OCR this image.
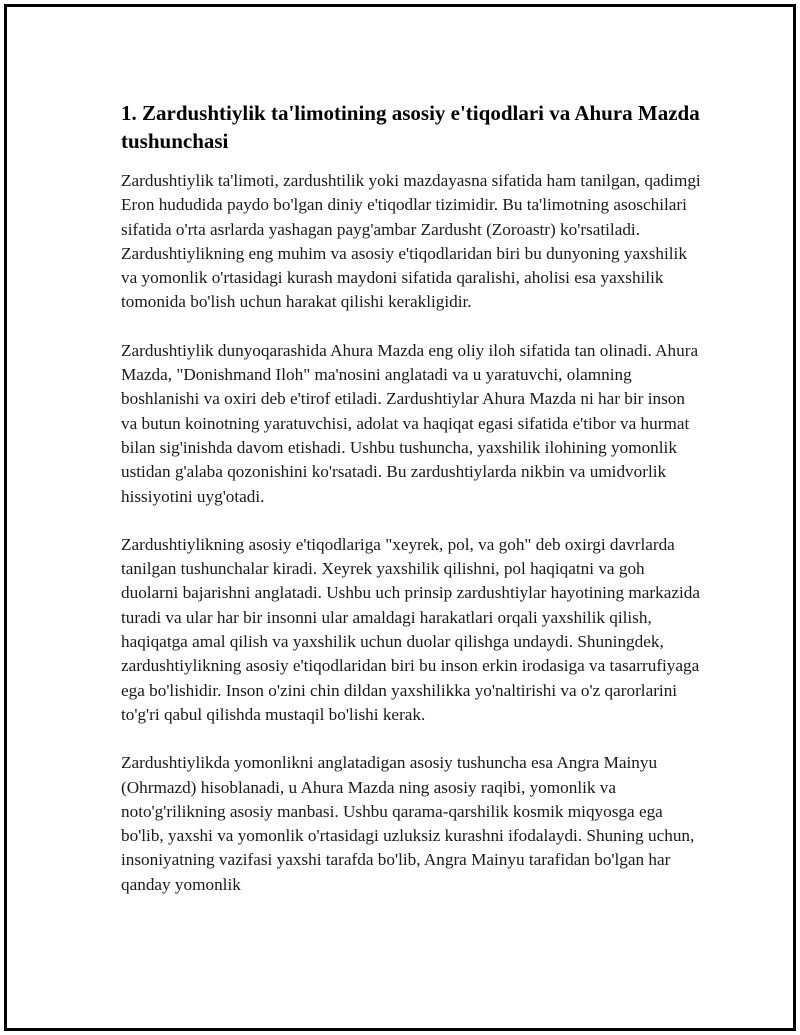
1. Zardushtiylik ta'limotining asosiy e'tiqodlari va Ahura Mazda tushunchasi

Zardushtiylik ta'limoti, zardushtilik yoki mazdayasna sifatida ham tanilgan, qadimgi Eron hududida paydo bo'lgan diniy e'tiqodlar tizimidir. Bu ta'limotning asoschilari sifatida o'rta asrlarda yashagan payg'ambar Zardusht (Zoroastr) ko'rsatiladi. Zardushtiylikning eng muhim va asosiy e'tiqodlaridan biri bu dunyoning yaxshilik va yomonlik o'rtasidagi kurash maydoni sifatida qaralishi, aholisi esa yaxshilik tomonida bo'lish uchun harakat qilishi kerakligidir.

Zardushtiylik dunyoqarashida Ahura Mazda eng oliy iloh sifatida tan olinadi. Ahura Mazda, "Donishmand Iloh" ma'nosini anglatadi va u yaratuvchi, olamning boshlanishi va oxiri deb e'tirof etiladi. Zardushtiylar Ahura Mazda ni har bir inson va butun koinotning yaratuvchisi, adolat va haqiqat egasi sifatida e'tibor va hurmat bilan sig'inishda davom etishadi. Ushbu tushuncha, yaxshilik ilohining yomonlik ustidan g'alaba qozonishini ko'rsatadi. Bu zardushtiylarda nikbin va umidvorlik hissiyotini uyg'otadi.

Zardushtiylikning asosiy e'tiqodlariga "xeyrek, pol, va goh" deb oxirgi davrlarda tanilgan tushunchalar kiradi. Xeyrek yaxshilik qilishni, pol haqiqatni va goh duolarni bajarishni anglatadi. Ushbu uch prinsip zardushtiylar hayotining markazida turadi va ular har bir insonni ular amaldagi harakatlari orqali yaxshilik qilish, haqiqatga amal qilish va yaxshilik uchun duolar qilishga undaydi. Shuningdek, zardushtiylikning asosiy e'tiqodlaridan biri bu inson erkin irodasiga va tasarrufiyaga ega bo'lishidir. Inson o'zini chin dildan yaxshilikka yo'naltirishi va o'z qarorlarini to'g'ri qabul qilishda mustaqil bo'lishi kerak.

Zardushtiylikda yomonlikni anglatadigan asosiy tushuncha esa Angra Mainyu (Ohrmazd) hisoblanadi, u Ahura Mazda ning asosiy raqibi, yomonlik va noto'g'rilikning asosiy manbasi. Ushbu qarama-qarshilik kosmik miqyosga ega bo'lib, yaxshi va yomonlik o'rtasidagi uzluksiz kurashni ifodalaydi. Shuning uchun, insoniyatning vazifasi yaxshi tarafda bo'lib, Angra Mainyu tarafidan bo'lgan har qanday yomonlik
